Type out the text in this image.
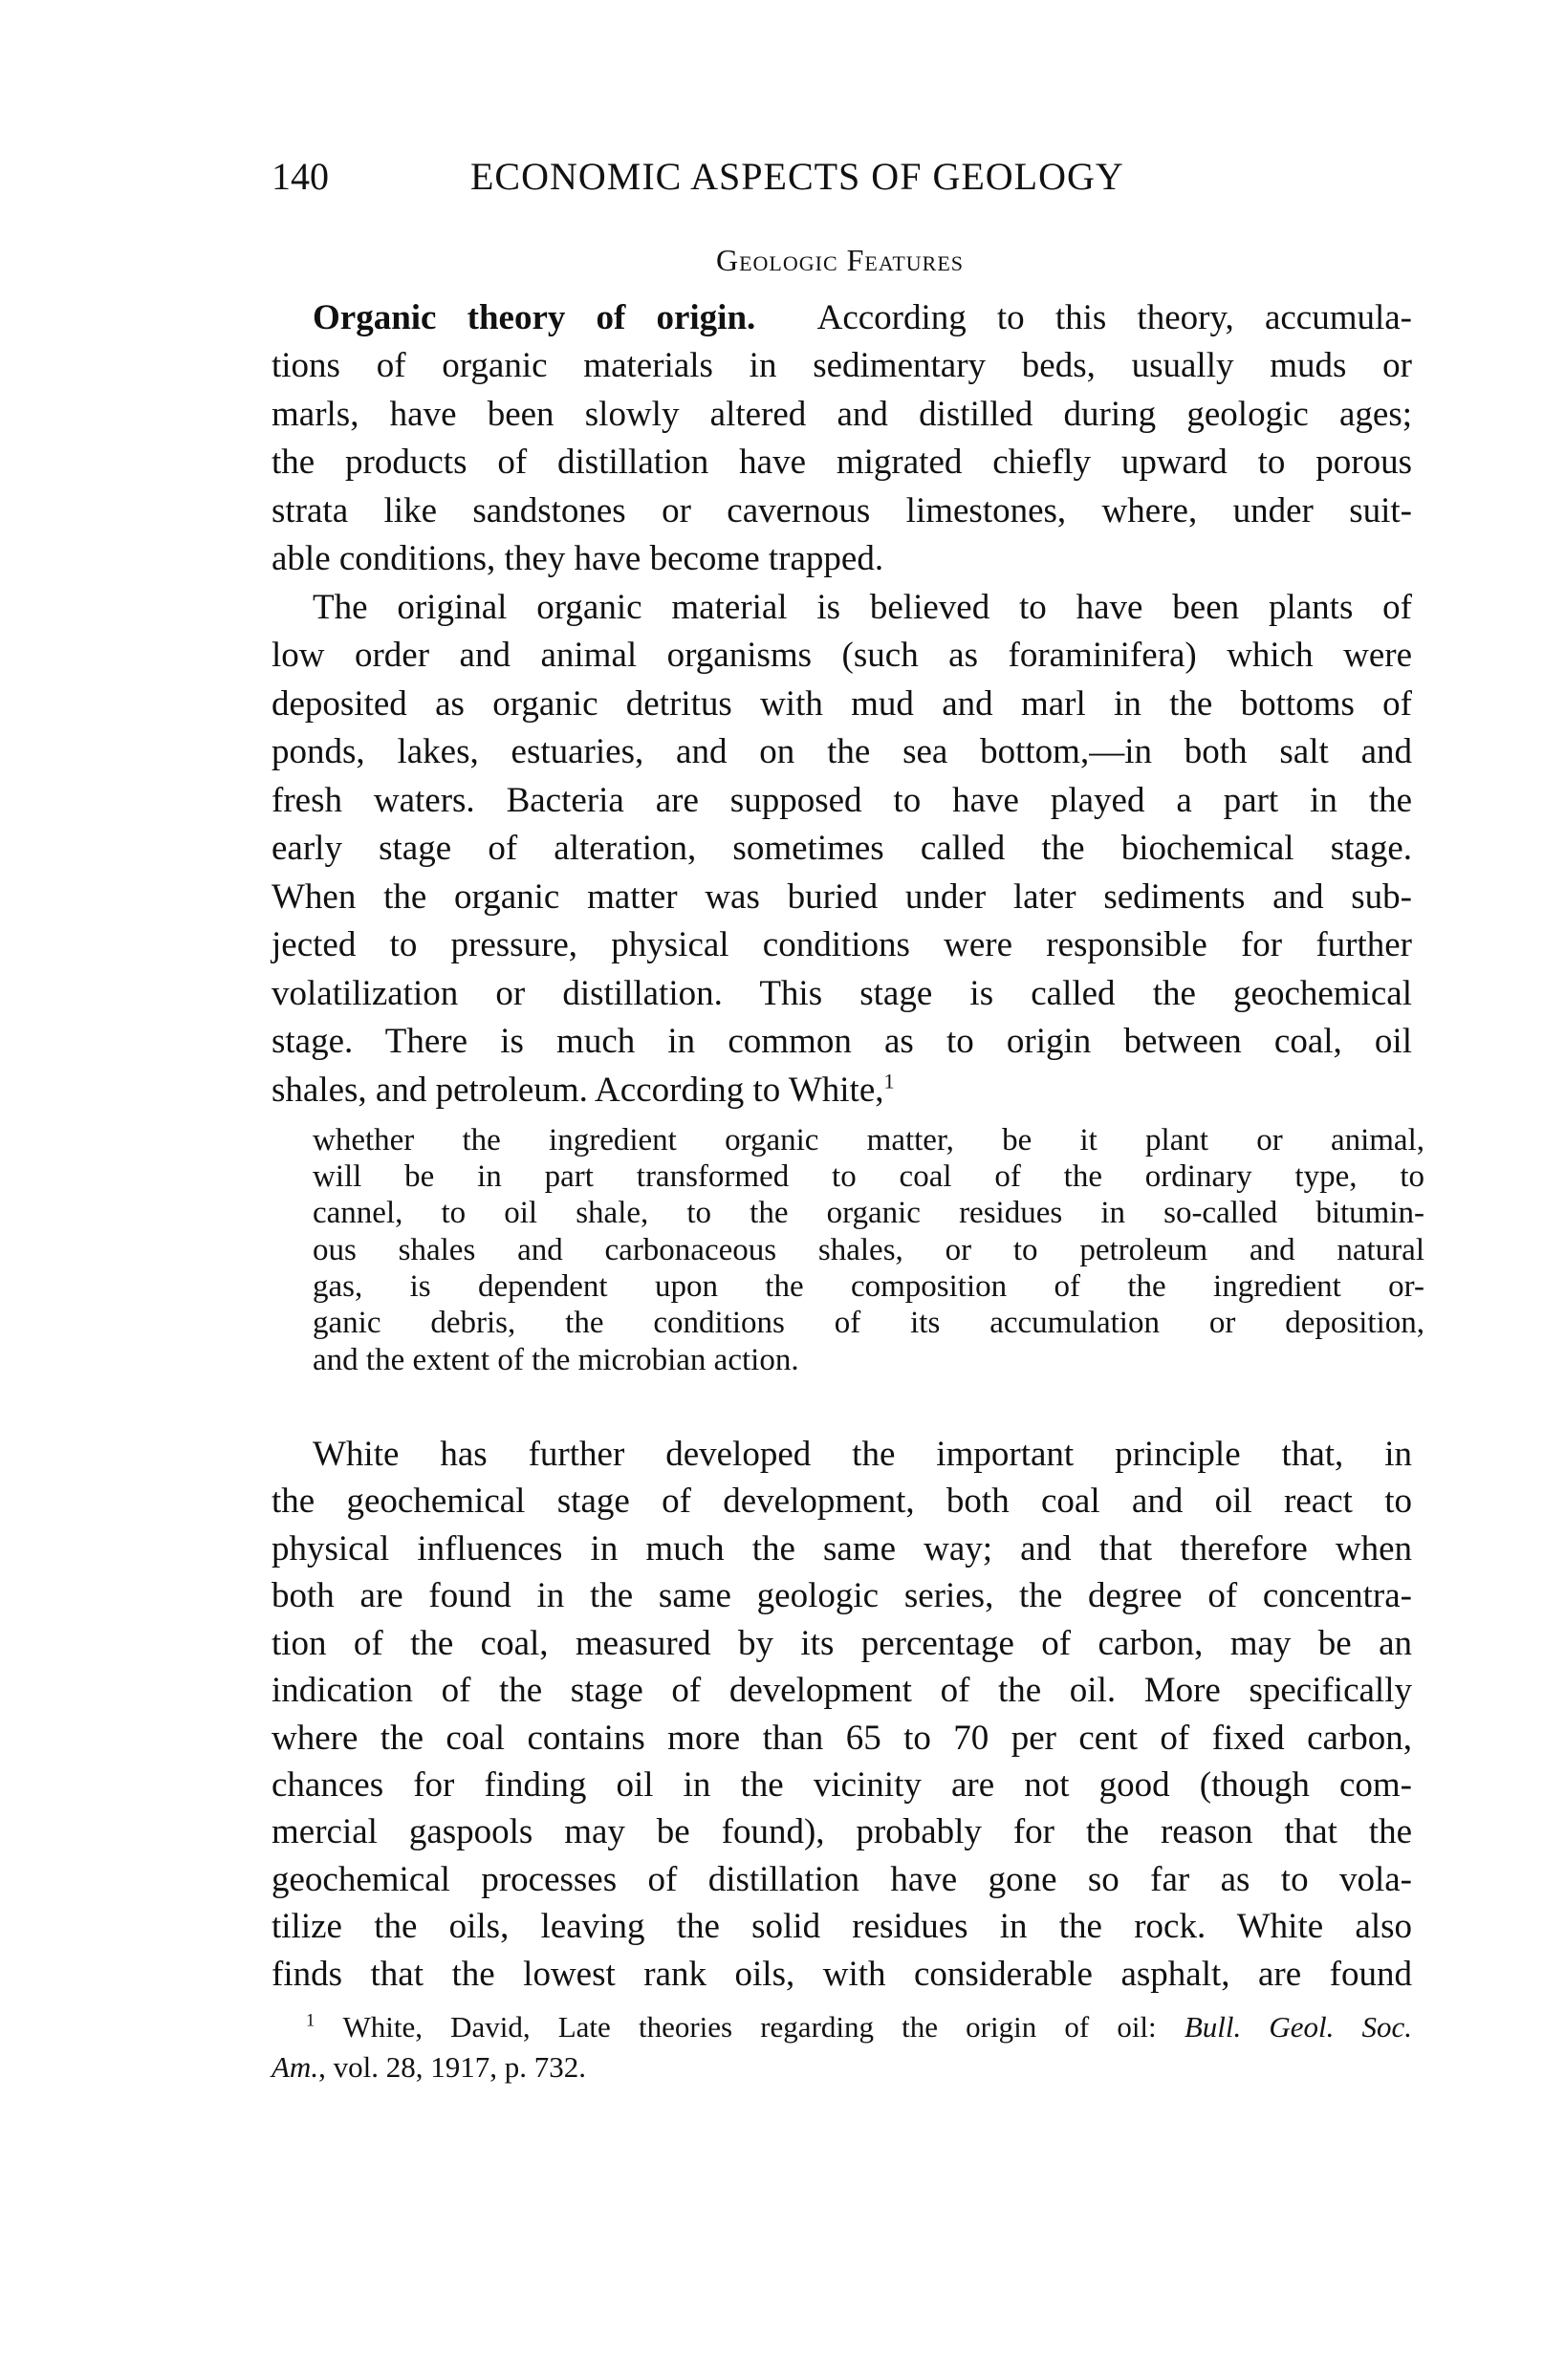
140	ECONOMIC ASPECTS OF GEOLOGY
Geologic Features
Organic theory of origin. According to this theory, accumula-
tions of organic materials in sedimentary beds, usually muds or
marls, have been slowly altered and distilled during geologic ages;
the products of distillation have migrated chiefly upward to porous
strata like sandstones or cavernous limestones, where, under suit-
able conditions, they have become trapped.
The original organic material is believed to have been plants of
low order and animal organisms (such as foraminifera) which were
deposited as organic detritus with mud and marl in the bottoms of
ponds, lakes, estuaries, and on the sea bottom,—in both salt and
fresh waters. Bacteria are supposed to have played a part in the
early stage of alteration, sometimes called the biochemical stage.
When the organic matter was buried under later sediments and sub-
jected to pressure, physical conditions were responsible for further
volatilization or distillation. This stage is called the geochemical
stage. There is much in common as to origin between coal, oil
shales, and petroleum. According to White,$^1$
whether the ingredient organic matter, be it plant or animal,
will be in part transformed to coal of the ordinary type, to
cannel, to oil shale, to the organic residues in so-called bitumin-
ous shales and carbonaceous shales, or to petroleum and natural
gas, is dependent upon the composition of the ingredient or-
ganic debris, the conditions of its accumulation or deposition,
and the extent of the microbian action.
White has further developed the important principle that, in
the geochemical stage of development, both coal and oil react to
physical influences in much the same way; and that therefore when
both are found in the same geologic series, the degree of concentra-
tion of the coal, measured by its percentage of carbon, may be an
indication of the stage of development of the oil. More specifically
where the coal contains more than 65 to 70 per cent of fixed carbon,
chances for finding oil in the vicinity are not good (though com-
mercial gaspools may be found), probably for the reason that the
geochemical processes of distillation have gone so far as to vola-
tilize the oils, leaving the solid residues in the rock. White also
finds that the lowest rank oils, with considerable asphalt, are found
$^1$ White, David, Late theories regarding the origin of oil: Bull. Geol. Soc.
Am., vol. 28, 1917, p. 732.
